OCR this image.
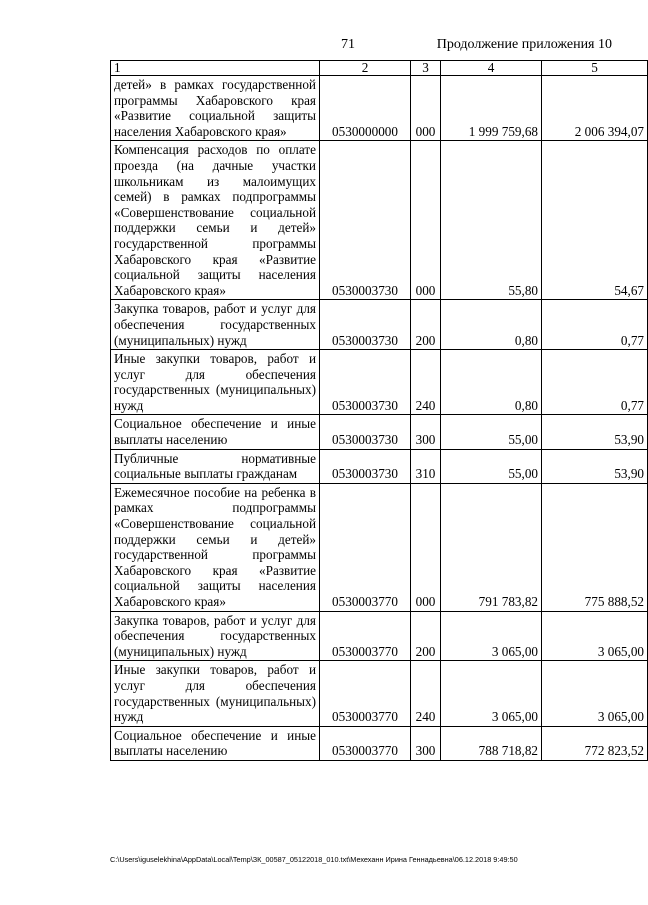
71	Продолжение приложения 10
1	2	3	4	5

детей» в рамках государственной программы Хабаровского края «Развитие социальной защиты населения Хабаровского края»	0530000000	000	1 999 759,68	2 006 394,07

Компенсация расходов по оплате проезда (на дачные участки школьникам из малоимущих семей) в рамках подпрограммы «Совершенствование социальной поддержки семьи и детей» государственной программы Хабаровского края «Развитие социальной защиты населения Хабаровского края»	0530003730	000	55,80	54,67

Закупка товаров, работ и услуг для обеспечения государственных (муниципальных) нужд	0530003730	200	0,80	0,77

Иные закупки товаров, работ и услуг для обеспечения государственных (муниципальных) нужд	0530003730	240	0,80	0,77

Социальное обеспечение и иные выплаты населению	0530003730	300	55,00	53,90

Публичные нормативные социальные выплаты гражданам	0530003730	310	55,00	53,90

Ежемесячное пособие на ребенка в рамках подпрограммы «Совершенствование социальной поддержки семьи и детей» государственной программы Хабаровского края «Развитие социальной защиты населения Хабаровского края»	0530003770	000	791 783,82	775 888,52

Закупка товаров, работ и услуг для обеспечения государственных (муниципальных) нужд	0530003770	200	3 065,00	3 065,00

Иные закупки товаров, работ и услуг для обеспечения государственных (муниципальных) нужд	0530003770	240	3 065,00	3 065,00

Социальное обеспечение и иные выплаты населению	0530003770	300	788 718,82	772 823,52
C:\Users\iguselekhina\AppData\Local\Temp\ЗК_00587_05122018_010.txt\Мехеханн Ирина Геннадьевна\06.12.2018 9:49:50
